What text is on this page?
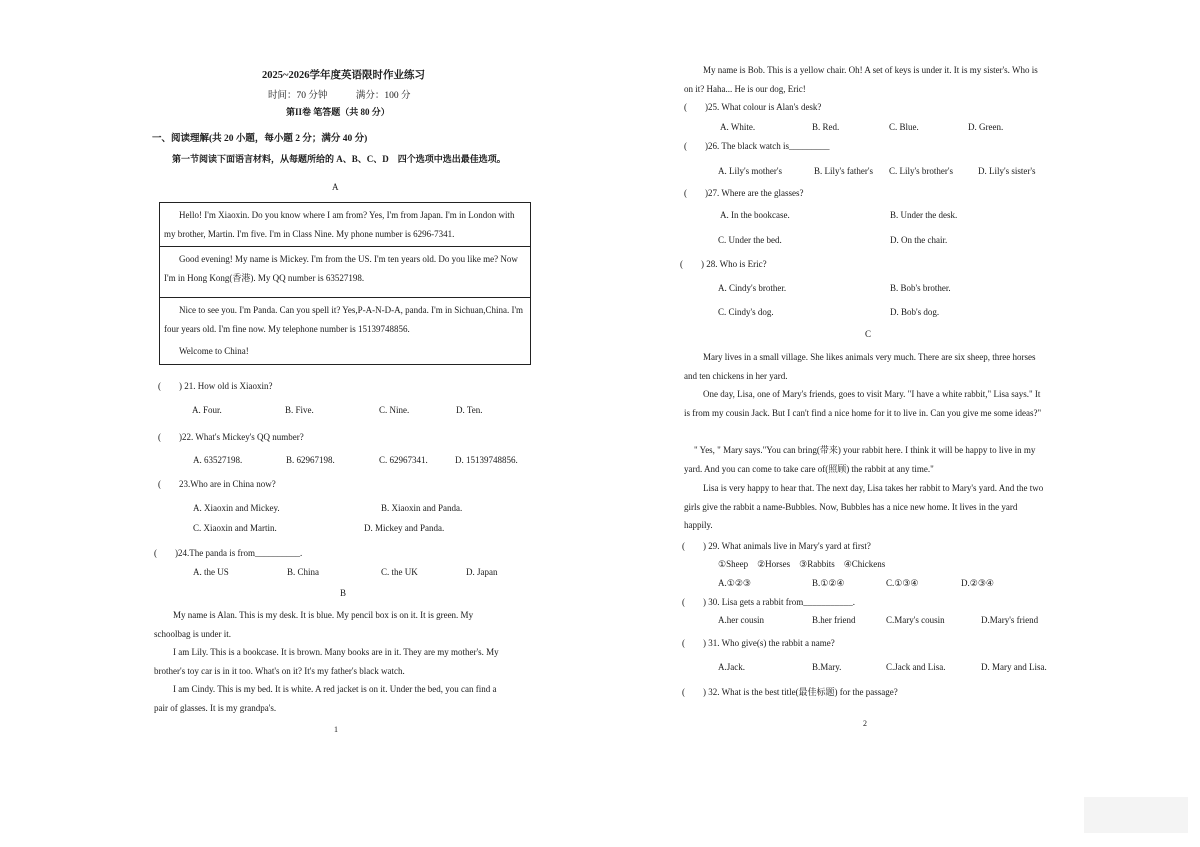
2025~2026学年度英语限时作业练习
时间：70 分钟　　　满分：100 分
第II卷 笔答题（共 80 分）
一、阅读理解(共 20 小题，每小题 2 分；满分 40 分)
第一节阅读下面语言材料，从每题所给的 A、B、C、D　四个选项中选出最佳选项。
A

Hello! I'm Xiaoxin. Do you know where I am from? Yes, I'm from Japan. I'm in London with my brother, Martin. I'm five. I'm in Class Nine. My phone number is 6296-7341.

Good evening! My name is Mickey. I'm from the US. I'm ten years old. Do you like me? Now I'm in Hong Kong(香港). My QQ number is 63527198.

Nice to see you. I'm Panda. Can you spell it? Yes,P-A-N-D-A, panda. I'm in Sichuan,China. I'm four years old. I'm fine now. My telephone number is 15139748856.

Welcome to China!

(　　) 21. How old is Xiaoxin?
A. Four.	B. Five.	C. Nine.	D. Ten.
(　　)22. What's Mickey's QQ number?
A. 63527198.	B. 62967198.	C. 62967341.	D. 15139748856.
(　　23.Who are in China now?
A. Xiaoxin and Mickey.	B. Xiaoxin and Panda.
C. Xiaoxin and Martin.	D. Mickey and Panda.
(　　)24.The panda is from__________.
A. the US	B. China	C. the UK	D. Japan
B
My name is Alan. This is my desk. It is blue. My pencil box is on it. It is green. My schoolbag is under it.
I am Lily. This is a bookcase. It is brown. Many books are in it. They are my mother's. My brother's toy car is in it too. What's on it? It's my father's black watch.
I am Cindy. This is my bed. It is white. A red jacket is on it. Under the bed, you can find a pair of glasses. It is my grandpa's.
1
My name is Bob. This is a yellow chair. Oh! A set of keys is under it. It is my sister's. Who is on it? Haha... He is our dog, Eric!
(　　)25. What colour is Alan's desk?
A. White.	B. Red.	C. Blue.	D. Green.
(　　)26. The black watch is_________
A. Lily's mother's	B. Lily's father's C. Lily's brother's	D. Lily's sister's
(　　)27. Where are the glasses?
A. In the bookcase.	B. Under the desk.
C. Under the bed.	D. On the chair.
(　　) 28. Who is Eric?
A. Cindy's brother.	B. Bob's brother.
C. Cindy's dog.	D. Bob's dog.
C
Mary lives in a small village. She likes animals very much. There are six sheep, three horses and ten chickens in her yard.
One day, Lisa, one of Mary's friends, goes to visit Mary. "I have a white rabbit," Lisa says." It is from my cousin Jack. But I can't find a nice home for it to live in. Can you give me some ideas?"
" Yes, " Mary says."You can bring(带来) your rabbit here. I think it will be happy to live in my yard. And you can come to take care of(照顾) the rabbit at any time."
Lisa is very happy to hear that. The next day, Lisa takes her rabbit to Mary's yard. And the two girls give the rabbit a name-Bubbles. Now, Bubbles has a nice new home. It lives in the yard happily.
(　　) 29. What animals live in Mary's yard at first?
①Sheep　②Horses　③Rabbits　④Chickens
A.①②③	B.①②④	C.①③④	D.②③④
(　　) 30. Lisa gets a rabbit from___________.
A.her cousin	B.her friend	C.Mary's cousin	D.Mary's friend
(　　) 31. Who give(s) the rabbit a name?
A.Jack.	B.Mary.	C.Jack and Lisa.	D. Mary and Lisa.
(　　) 32. What is the best title(最佳标题) for the passage?
2
